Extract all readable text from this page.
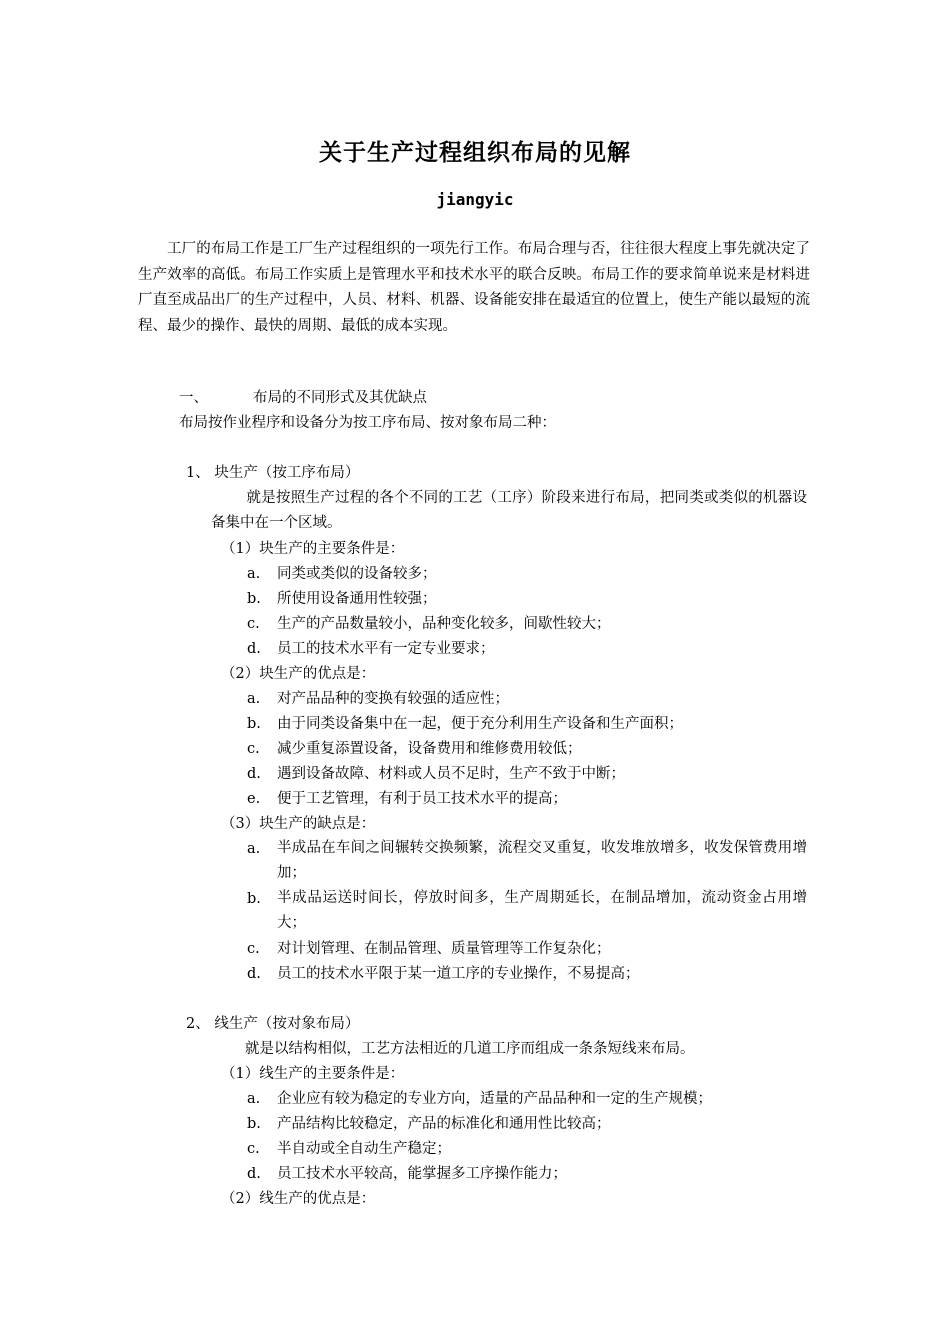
关于生产过程组织布局的见解
jiangyic
工厂的布局工作是工厂生产过程组织的一项先行工作。布局合理与否，往往很大程度上事先就决定了生产效率的高低。布局工作实质上是管理水平和技术水平的联合反映。布局工作的要求简单说来是材料进厂直至成品出厂的生产过程中，人员、材料、机器、设备能安排在最适宜的位置上，使生产能以最短的流程、最少的操作、最快的周期、最低的成本实现。
一、	布局的不同形式及其优缺点
布局按作业程序和设备分为按工序布局、按对象布局二种：
1、 块生产（按工序布局）
就是按照生产过程的各个不同的工艺（工序）阶段来进行布局，把同类或类似的机器设备集中在一个区域。
（1）块生产的主要条件是：
a. 同类或类似的设备较多；
b. 所使用设备通用性较强；
c. 生产的产品数量较小，品种变化较多，间歇性较大；
d. 员工的技术水平有一定专业要求；
（2）块生产的优点是：
a. 对产品品种的变换有较强的适应性；
b. 由于同类设备集中在一起，便于充分利用生产设备和生产面积；
c. 减少重复添置设备，设备费用和维修费用较低；
d. 遇到设备故障、材料或人员不足时，生产不致于中断；
e. 便于工艺管理，有利于员工技术水平的提高；
（3）块生产的缺点是：
a. 半成品在车间之间辗转交换频繁，流程交叉重复，收发堆放增多，收发保管费用增加；
b. 半成品运送时间长，停放时间多，生产周期延长，在制品增加，流动资金占用增大；
c. 对计划管理、在制品管理、质量管理等工作复杂化；
d. 员工的技术水平限于某一道工序的专业操作，不易提高；
2、 线生产（按对象布局）
就是以结构相似，工艺方法相近的几道工序而组成一条条短线来布局。
（1）线生产的主要条件是：
a. 企业应有较为稳定的专业方向，适量的产品品种和一定的生产规模；
b. 产品结构比较稳定，产品的标准化和通用性比较高；
c. 半自动或全自动生产稳定；
d. 员工技术水平较高，能掌握多工序操作能力；
（2）线生产的优点是：
